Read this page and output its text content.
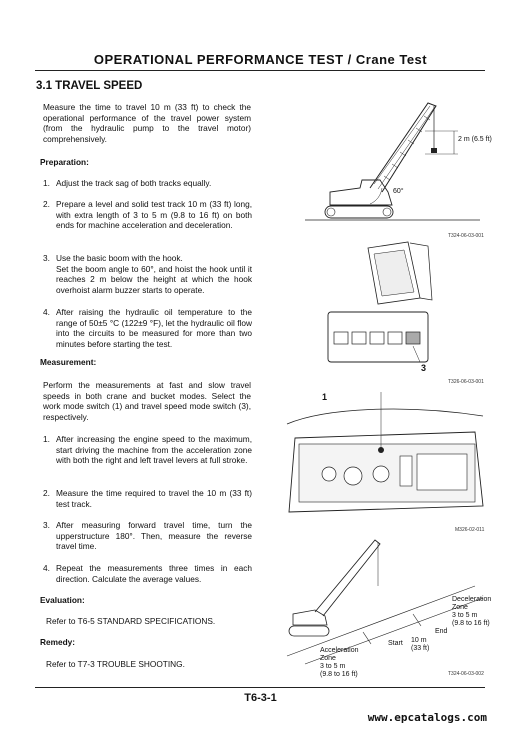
OPERATIONAL PERFORMANCE TEST / Crane Test
3.1 TRAVEL SPEED
Measure the time to travel 10 m (33 ft) to check the operational performance of the travel power system (from the hydraulic pump to the travel motor) comprehensively.
Preparation:
1. Adjust the track sag of both tracks equally.
2. Prepare a level and solid test track 10 m (33 ft) long, with extra length of 3 to 5 m (9.8 to 16 ft) on both ends for machine acceleration and deceleration.
3. Use the basic boom with the hook.
Set the boom angle to 60°, and hoist the hook until it reaches 2 m below the height at which the hook overhoist alarm buzzer starts to operate.
4. After raising the hydraulic oil temperature to the range of 50±5 °C (122±9 °F), let the hydraulic oil flow into the circuits to be measured for more than two minutes before starting the test.
Measurement:
Perform the measurements at fast and slow travel speeds in both crane and bucket modes. Select the work mode switch (1) and travel speed mode switch (3), respectively.
1. After increasing the engine speed to the maximum, start driving the machine from the acceleration zone with both the right and left travel levers at full stroke.
2. Measure the time required to travel the 10 m (33 ft) test track.
3. After measuring forward travel time, turn the upperstructure 180°. Then, measure the reverse travel time.
4. Repeat the measurements three times in each direction. Calculate the average values.
Evaluation:
Refer to T6-5 STANDARD SPECIFICATIONS.
Remedy:
Refer to T7-3 TROUBLE SHOOTING.
2 m (6.5 ft)
60°
T324-06-03-001
3
T326-06-03-001
1
M326-02-011
Deceleration
Zone
3 to 5 m
(9.8 to 16 ft)
End
10 m
(33 ft)
Start
Acceleration
Zone
3 to 5 m
(9.8 to 16 ft)	T324-06-03-002
T6-3-1
www.epcatalogs.com
